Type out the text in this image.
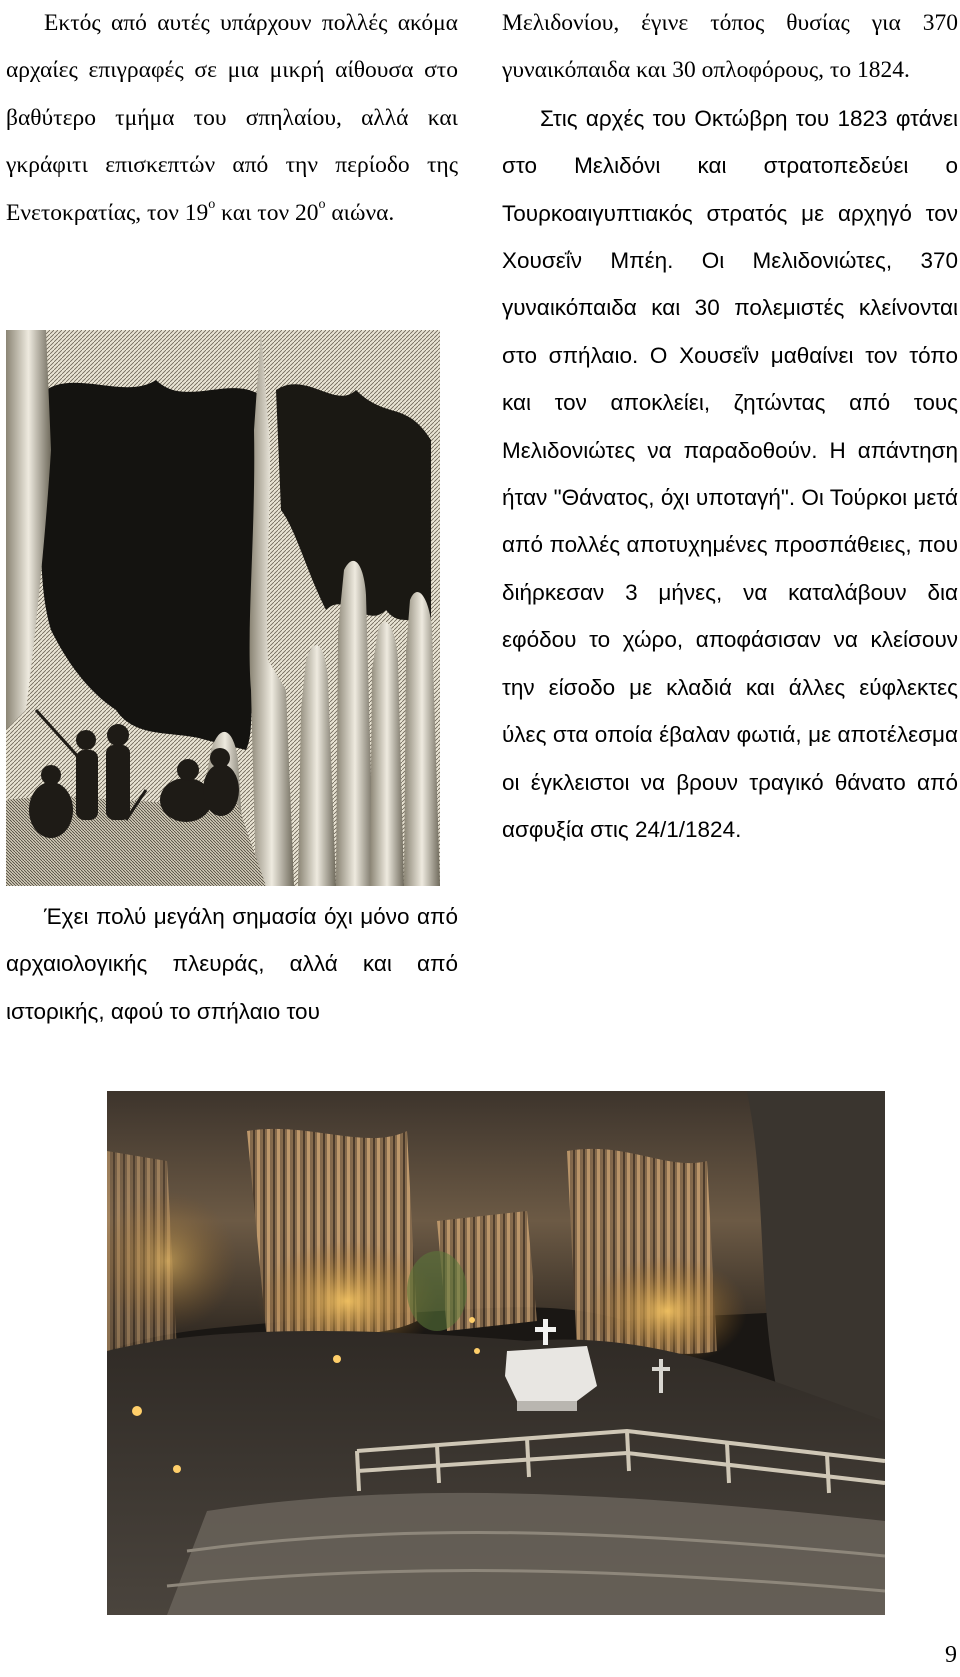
Εκτός από αυτές υπάρχουν πολλές ακόμα αρχαίες επιγραφές σε μια μικρή αίθουσα στο βαθύτερο τμήμα του σπηλαίου, αλλά και γκράφιτι επισκεπτών από την περίοδο της Ενετοκρατίας, τον $19^o$ και τον $20^o$ αιώνα.

Έχει πολύ μεγάλη σημασία όχι μόνο από αρχαιολογικής πλευράς, αλλά και από ιστορικής, αφού το σπήλαιο του

Μελιδονίου, έγινε τόπος θυσίας για 370 γυναικόπαιδα και 30 οπλοφόρους, το 1824.

Στις αρχές του Οκτώβρη του 1823 φτάνει στο Μελιδόνι και στρατοπεδεύει ο Τουρκοαιγυπτιακός στρατός με αρχηγό τον Χουσεΐν Μπέη. Οι Μελιδονιώτες, 370 γυναικόπαιδα και 30 πολεμιστές κλείνονται στο σπήλαιο. Ο Χουσεΐν μαθαίνει τον τόπο και τον αποκλείει, ζητώντας από τους Μελιδονιώτες να παραδοθούν. Η απάντηση ήταν "Θάνατος, όχι υποταγή". Οι Τούρκοι μετά από πολλές αποτυχημένες προσπάθειες, που διήρκεσαν 3 μήνες, να καταλάβουν δια εφόδου το χώρο, αποφάσισαν να κλείσουν την είσοδο με κλαδιά και άλλες εύφλεκτες ύλες στα οποία έβαλαν φωτιά, με αποτέλεσμα οι έγκλειστοι να βρουν τραγικό θάνατο από ασφυξία στις 24/1/1824.

9
